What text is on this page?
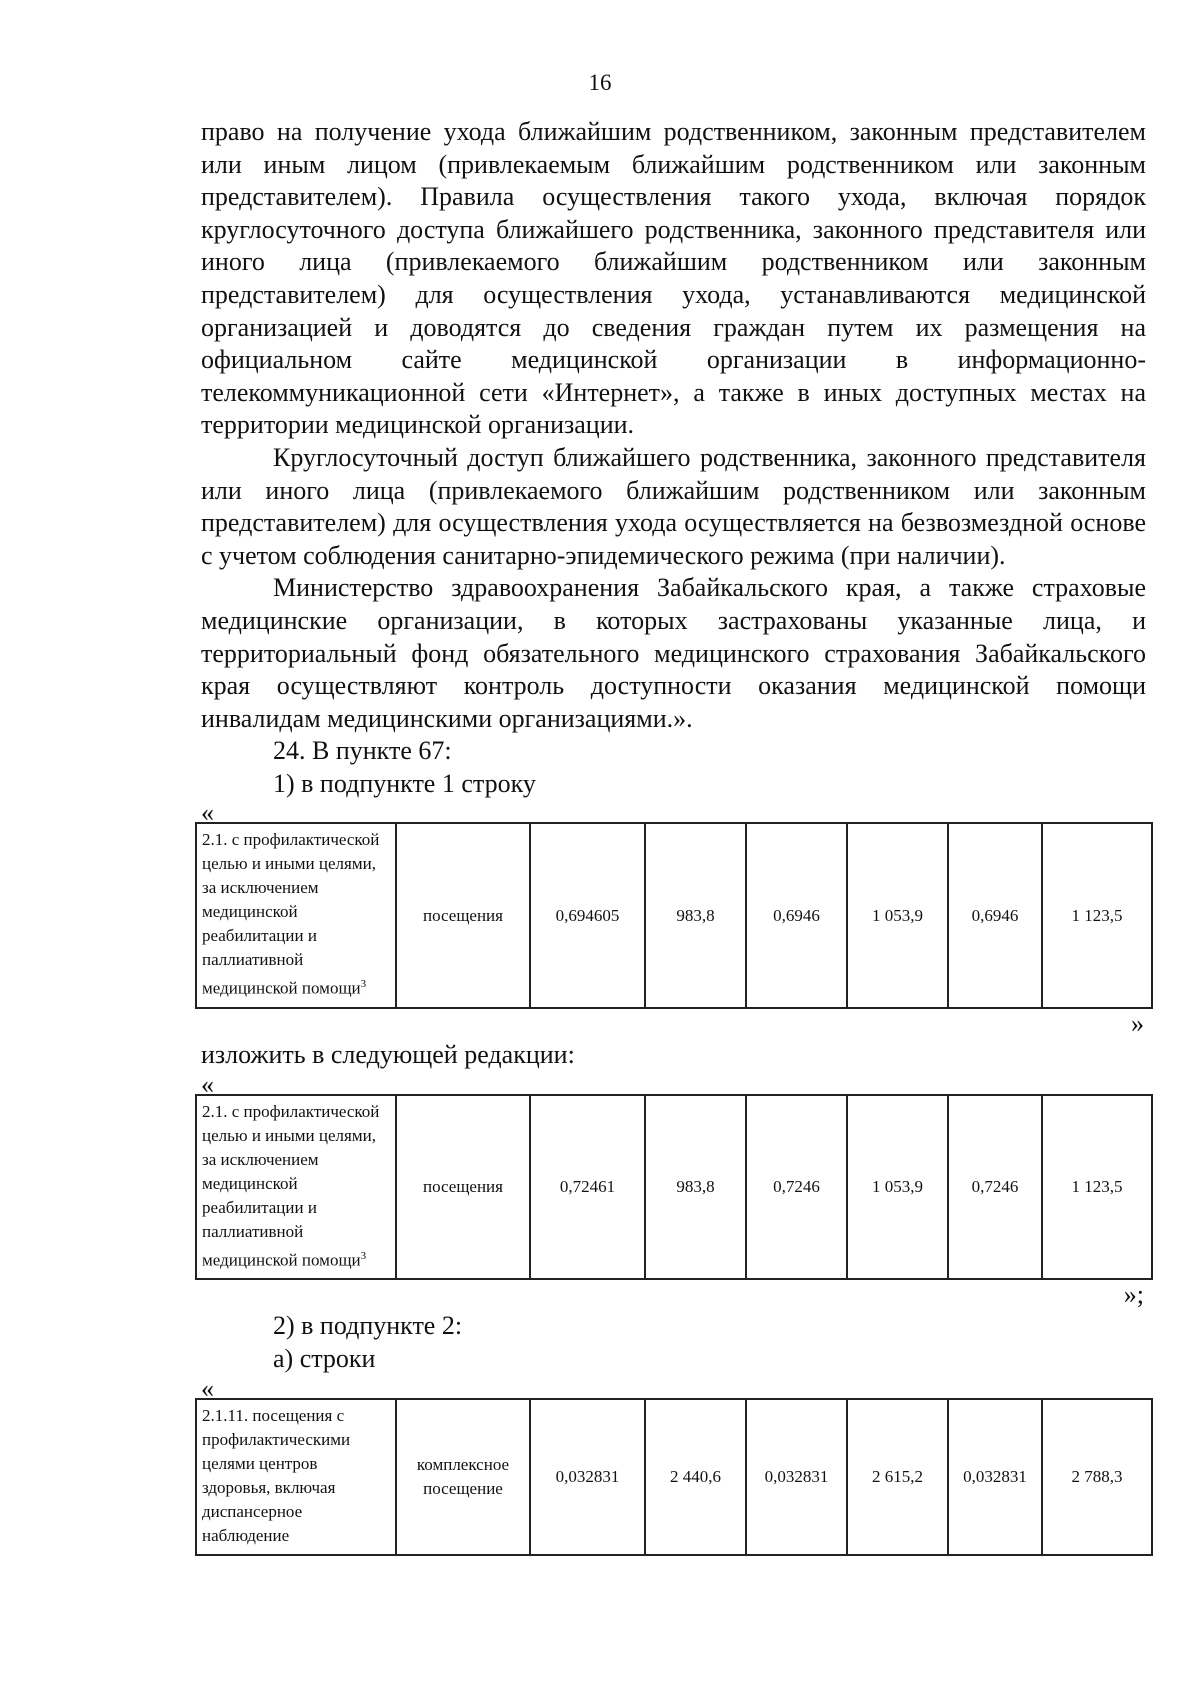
16

право на получение ухода ближайшим родственником, законным представителем или иным лицом (привлекаемым ближайшим родственником или законным представителем). Правила осуществления такого ухода, включая порядок круглосуточного доступа ближайшего родственника, законного представителя или иного лица (привлекаемого ближайшим родственником или законным представителем) для осуществления ухода, устанавливаются медицинской организацией и доводятся до сведения граждан путем их размещения на официальном сайте медицинской организации в информационно-телекоммуникационной сети «Интернет», а также в иных доступных местах на территории медицинской организации.

Круглосуточный доступ ближайшего родственника, законного представителя или иного лица (привлекаемого ближайшим родственником или законным представителем) для осуществления ухода осуществляется на безвозмездной основе с учетом соблюдения санитарно-эпидемического режима (при наличии).

Министерство здравоохранения Забайкальского края, а также страховые медицинские организации, в которых застрахованы указанные лица, и территориальный фонд обязательного медицинского страхования Забайкальского края осуществляют контроль доступности оказания медицинской помощи инвалидам медицинскими организациями.».

24. В пункте 67:

1) в подпункте 1 строку

«
2.1. с профилактической целью и иными целями, за исключением медицинской реабилитации и паллиативной медицинской помощи$^3$	посещения	0,694605	983,8	0,6946	1 053,9	0,6946	1 123,5
»

изложить в следующей редакции:

«
2.1. с профилактической целью и иными целями, за исключением медицинской реабилитации и паллиативной медицинской помощи$^3$	посещения	0,72461	983,8	0,7246	1 053,9	0,7246	1 123,5
»;

2) в подпункте 2:

а) строки

«
2.1.11. посещения с профилактическими целями центров здоровья, включая диспансерное наблюдение	комплексное посещение	0,032831	2 440,6	0,032831	2 615,2	0,032831	2 788,3
